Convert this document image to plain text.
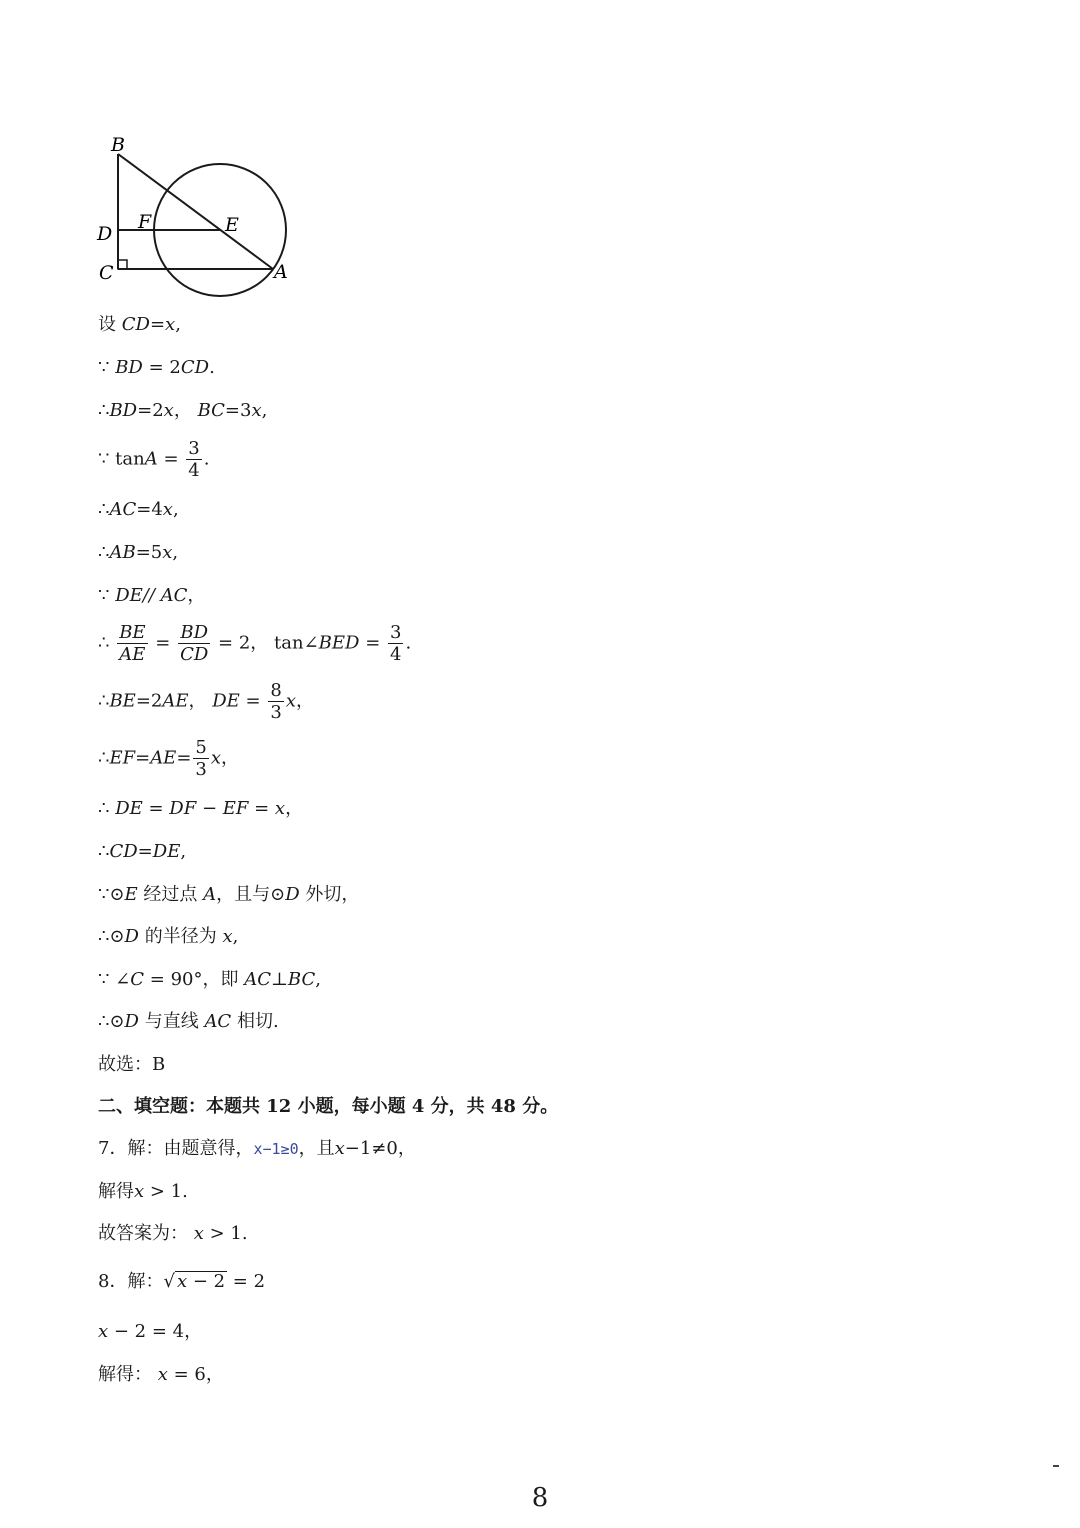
B
D
C
F	E
A
设 CD=x,
∵ BD = 2CD.
∴BD=2x， BC=3x,
∵ $\tan A = \frac{3}{4}$ .
∴AC=4x,
∴AB=5x,
∵ DE// AC，
∴ $\frac{BE}{AE} = \frac{BD}{CD} = 2$， tan∠BED = $\frac{3}{4}$ .
∴BE=2AE， DE = $\frac{8}{3}$ x，
∴EF=AE= $\frac{5}{3}$ x，
∴ DE = DF − EF = x，
∴CD=DE,
∵⊙E 经过点 A，且与⊙D 外切，
∴⊙D 的半径为 x,
∵ ∠C = 90°，即 AC⊥BC,
∴⊙D 与直线 AC 相切.
故选：B
二、填空题：本题共 12 小题，每小题 4 分，共 48 分。
7．解：由题意得，x−1≥0，且x−1≠0，
解得x > 1.
故答案为： x > 1.
8．解：√ x − 2 = 2
x − 2 = 4，
解得： x = 6，
8
